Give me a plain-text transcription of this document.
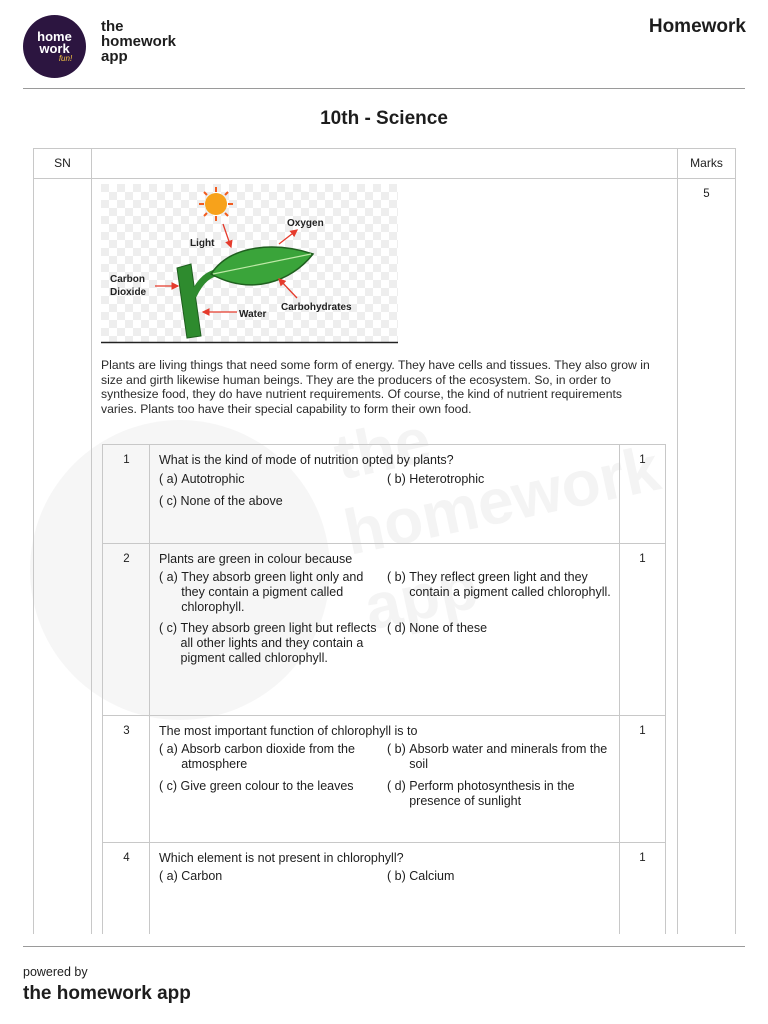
home
work
fun!
the
homework
app
Homework
10th - Science
SN	Marks
5
Light
Oxygen
Carbon
Dioxide
Carbohydrates
Water
Plants are living things that need some form of energy. They have cells and tissues. They also grow in size and girth likewise human beings. They are the producers of the ecosystem. So, in order to synthesize food, they do have nutrient requirements. Of course, the kind of nutrient requirements varies. Plants too have their special capability to form their own food.
1	What is the kind of mode of nutrition opted by plants?	1
( a) Autotrophic	( b) Heterotrophic
( c) None of the above
2	Plants are green in colour because	1
( a) They absorb green light only and they contain a pigment called chlorophyll.
( b) They reflect green light and they contain a pigment called chlorophyll.
( c) They absorb green light but reflects all other lights and they contain a pigment called chlorophyll.
( d) None of these
3	The most important function of chlorophyll is to	1
( a) Absorb carbon dioxide from the atmosphere
( b) Absorb water and minerals from the soil
( c) Give green colour to the leaves	( d) Perform photosynthesis in the presence of sunlight
4	Which element is not present in chlorophyll?	1
( a) Carbon	( b) Calcium
powered by
the homework app
